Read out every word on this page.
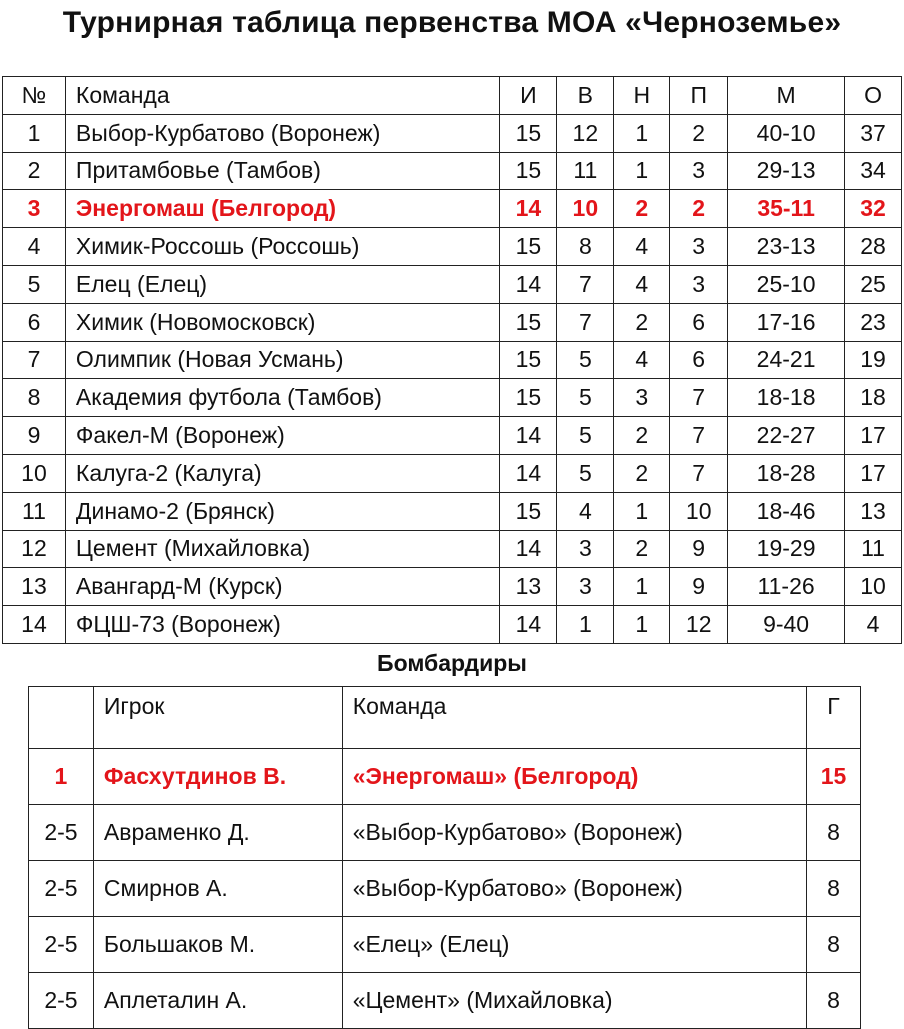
Турнирная таблица первенства МОА «Черноземье»
№	Команда	И	В	Н	П	М	О
1	Выбор-Курбатово (Воронеж)	15	12	1	2	40-10	37
2	Притамбовье (Тамбов)	15	11	1	3	29-13	34
3	Энергомаш (Белгород)	14	10	2	2	35-11	32
4	Химик-Россошь (Россошь)	15	8	4	3	23-13	28
5	Елец (Елец)	14	7	4	3	25-10	25
6	Химик (Новомосковск)	15	7	2	6	17-16	23
7	Олимпик (Новая Усмань)	15	5	4	6	24-21	19
8	Академия футбола (Тамбов)	15	5	3	7	18-18	18
9	Факел-М (Воронеж)	14	5	2	7	22-27	17
10	Калуга-2 (Калуга)	14	5	2	7	18-28	17
11	Динамо-2 (Брянск)	15	4	1	10	18-46	13
12	Цемент (Михайловка)	14	3	2	9	19-29	11
13	Авангард-М (Курск)	13	3	1	9	11-26	10
14	ФЦШ-73 (Воронеж)	14	1	1	12	9-40	4
Бомбардиры
	Игрок	Команда	Г
1	Фасхутдинов В.	«Энергомаш» (Белгород)	15
2-5	Авраменко Д.	«Выбор-Курбатово» (Воронеж)	8
2-5	Смирнов А.	«Выбор-Курбатово» (Воронеж)	8
2-5	Большаков М.	«Елец» (Елец)	8
2-5	Аплеталин А.	«Цемент» (Михайловка)	8
